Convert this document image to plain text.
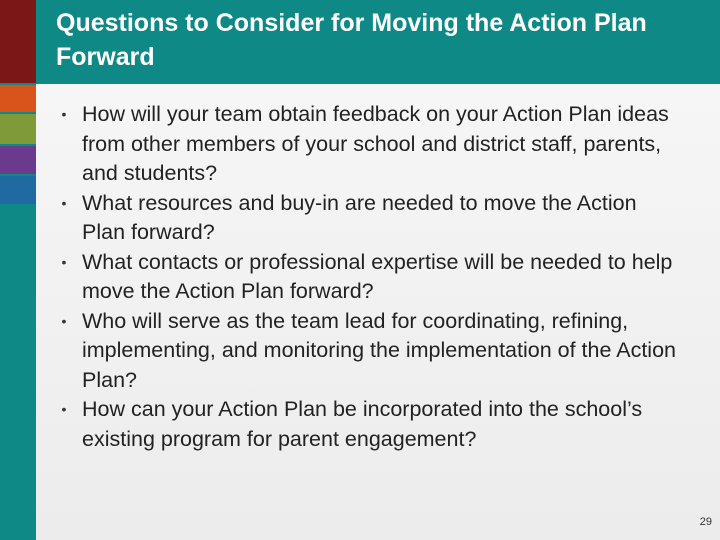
Questions to Consider for Moving the Action Plan Forward
• How will your team obtain feedback on your Action Plan ideas from other members of your school and district staff, parents, and students?
• What resources and buy-in are needed to move the Action Plan forward?
• What contacts or professional expertise will be needed to help move the Action Plan forward?
• Who will serve as the team lead for coordinating, refining, implementing, and monitoring the implementation of the Action Plan?
• How can your Action Plan be incorporated into the school’s existing program for parent engagement?
29
